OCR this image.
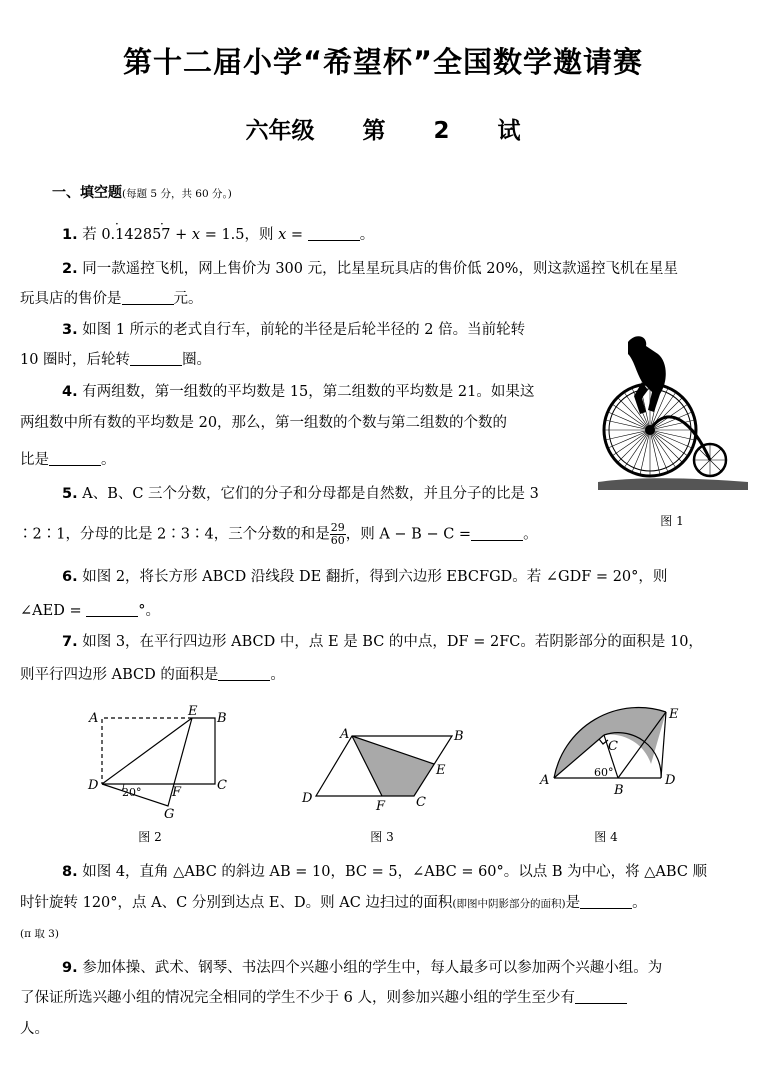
第十二届小学“希望杯”全国数学邀请赛
六年级 第 2 试
一、填空题(每题 5 分，共 60 分。)
1. 若 0.142857 + x = 1.5，则 x =	。
·	·
2. 同一款遥控飞机，网上售价为 300 元，比星星玩具店的售价低 20%，则这款遥控飞机在星星
玩具店的售价是	元。
3. 如图 1 所示的老式自行车，前轮的半径是后轮半径的 2 倍。当前轮转
10 圈时，后轮转	圈。
4. 有两组数，第一组数的平均数是 15，第二组数的平均数是 21。如果这
两组数中所有数的平均数是 20，那么，第一组数的个数与第二组数的个数的
比是	。
5. A、B、C 三个分数，它们的分子和分母都是自然数，并且分子的比是 3
∶2∶1，分母的比是 2∶3∶4，三个分数的和是 $\frac{29}{60}$ ，则 A − B − C =	。
图 1
6. 如图 2，将长方形 ABCD 沿线段 DE 翻折，得到六边形 EBCFGD。若 ∠GDF = 20°，则
∠AED =	°。
7. 如图 3，在平行四边形 ABCD 中，点 E 是 BC 的中点，DF = 2FC。若阴影部分的面积是 10，
则平行四边形 ABCD 的面积是	。
A	E B
D	C
F
G
20°
图 2
A	B
E
C
F
D
图 3
A
B
C
D
E
60°
图 4
8. 如图 4，直角 △ABC 的斜边 AB = 10，BC = 5，∠ABC = 60°。以点 B 为中心，将 △ABC 顺
时针旋转 120°，点 A、C 分别到达点 E、D。则 AC 边扫过的面积(即图中阴影部分的面积)是	。
(π 取 3)
9. 参加体操、武术、钢琴、书法四个兴趣小组的学生中，每人最多可以参加两个兴趣小组。为
了保证所选兴趣小组的情况完全相同的学生不少于 6 人，则参加兴趣小组的学生至少有
人。
